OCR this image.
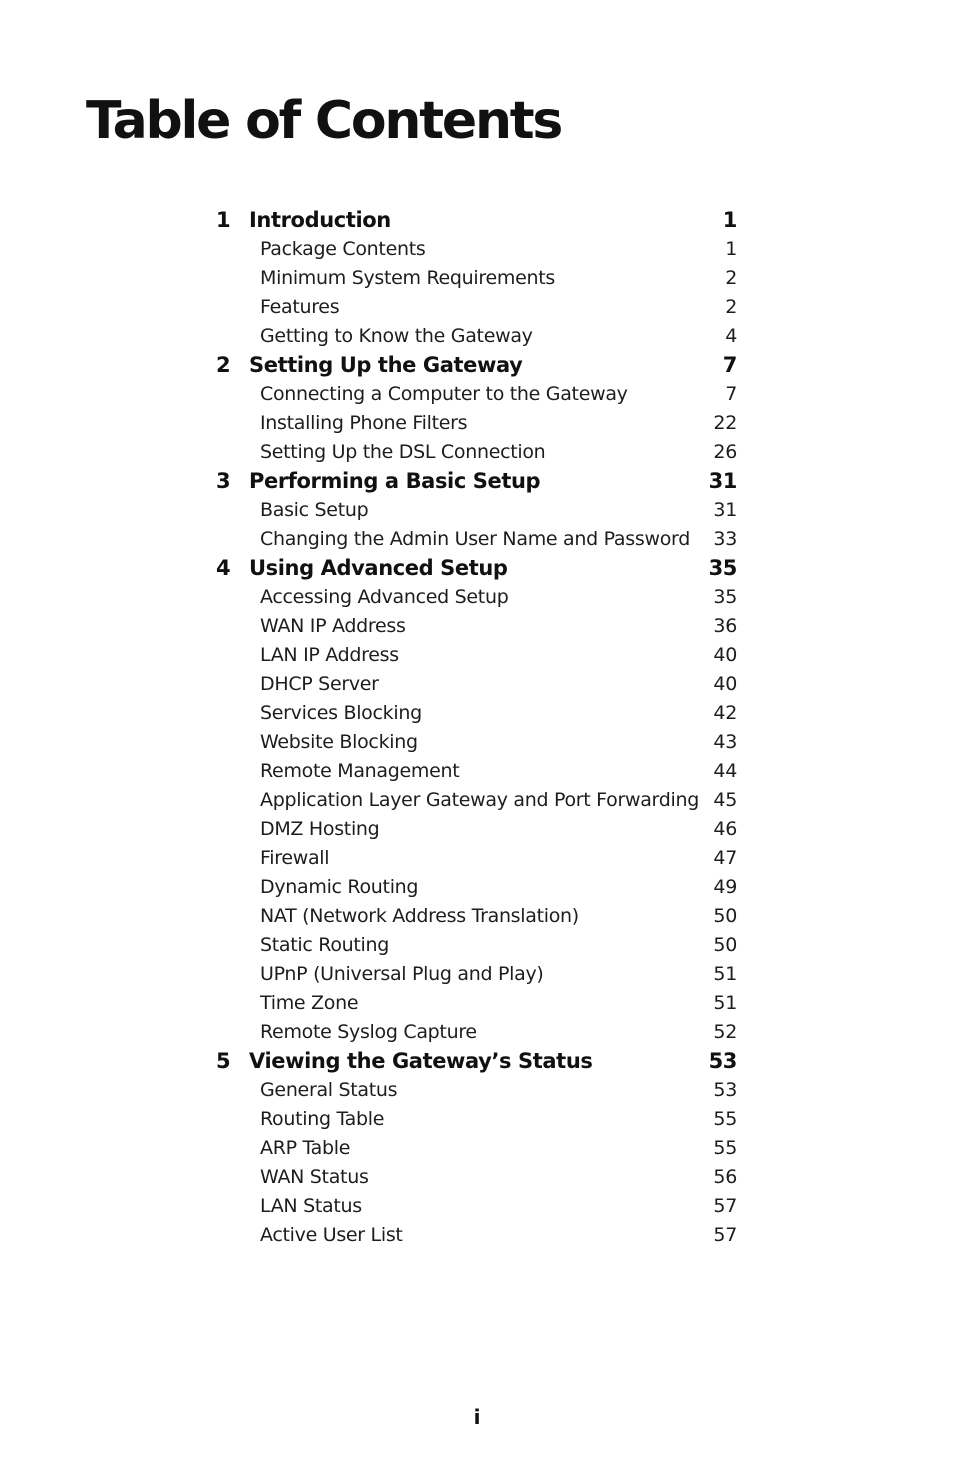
Table of Contents
1 Introduction	1
Package Contents	1
Minimum System Requirements	2
Features	2
Getting to Know the Gateway	4
2 Setting Up the Gateway	7
Connecting a Computer to the Gateway	7
Installing Phone Filters	22
Setting Up the DSL Connection	26
3 Performing a Basic Setup	31
Basic Setup	31
Changing the Admin User Name and Password 33
4 Using Advanced Setup	35
Accessing Advanced Setup	35
WAN IP Address	36
LAN IP Address	40
DHCP Server	40
Services Blocking	42
Website Blocking	43
Remote Management	44
Application Layer Gateway and Port Forwarding 45
DMZ Hosting	46
Firewall	47
Dynamic Routing	49
NAT (Network Address Translation)	50
Static Routing	50
UPnP (Universal Plug and Play)	51
Time Zone	51
Remote Syslog Capture	52
5 Viewing the Gateway’s Status	53
General Status	53
Routing Table	55
ARP Table	55
WAN Status	56
LAN Status	57
Active User List	57
i
